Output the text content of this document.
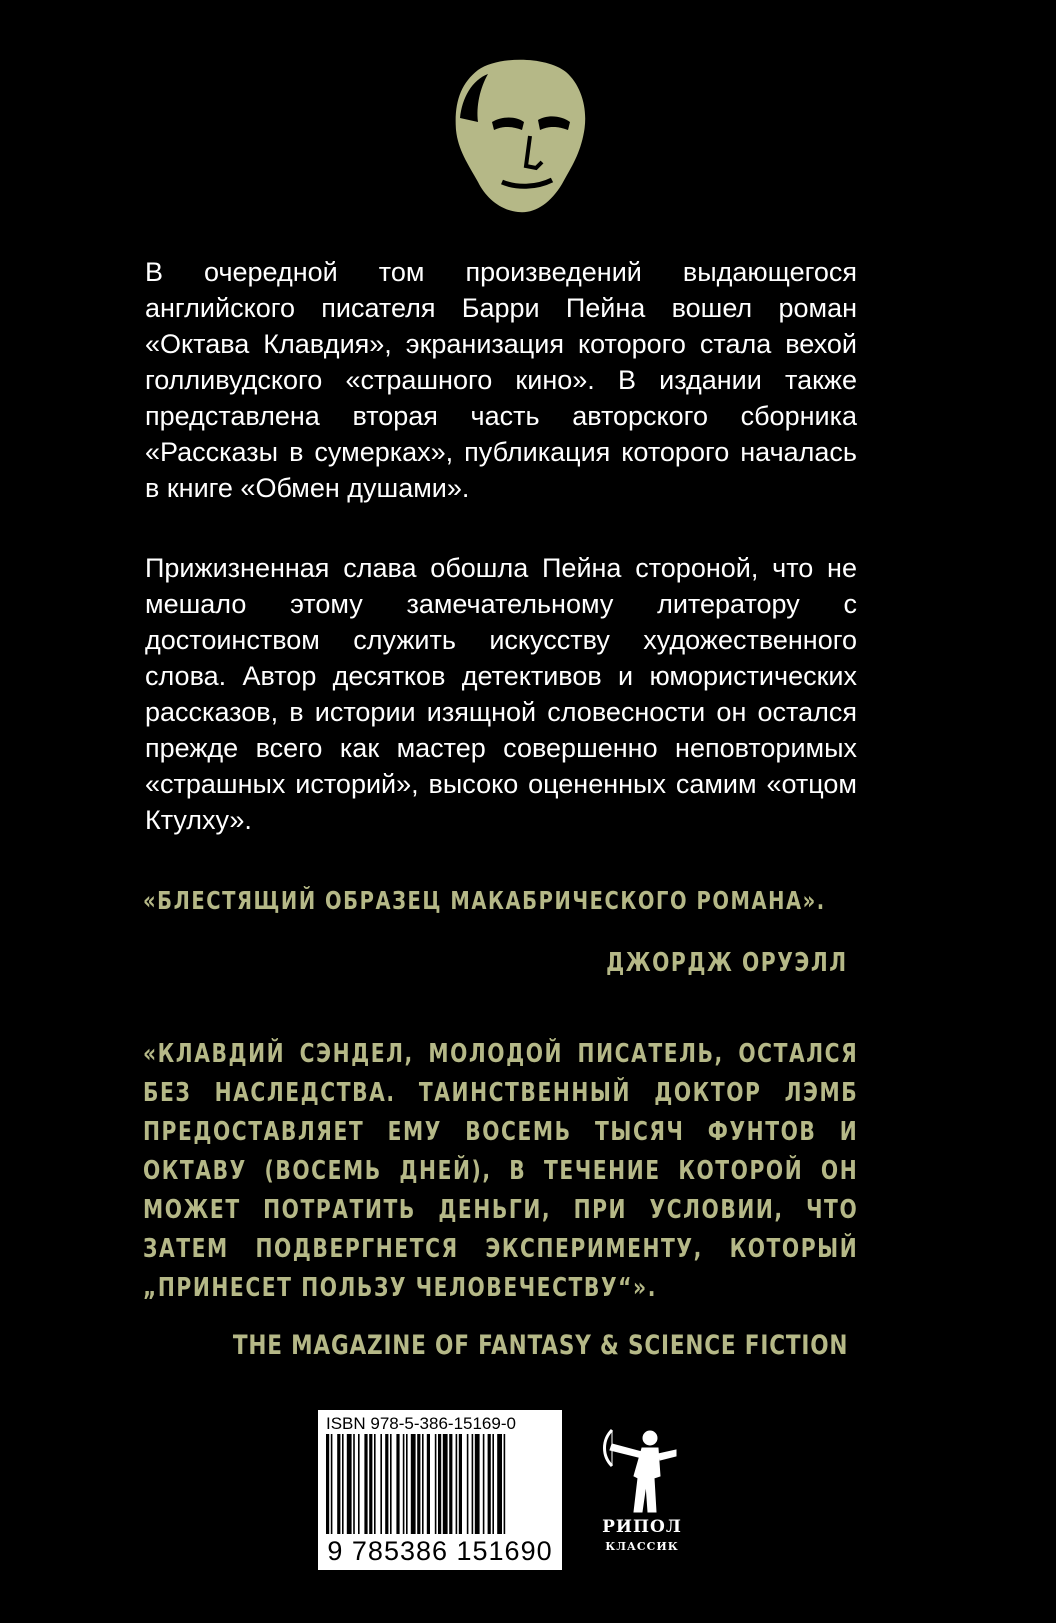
В очередной том произведений выдающегося английского писателя Барри Пейна вошел роман «Октава Клавдия», экранизация которого стала вехой голливудского «страшного кино». В издании также представлена вторая часть авторского сборника «Рассказы в сумерках», публикация которого началась в книге «Обмен душами».
Прижизненная слава обошла Пейна стороной, что не мешало этому замечательному литератору с достоинством служить искусству художественного слова. Автор десятков детективов и юмористических рассказов, в истории изящной словесности он остался прежде всего как мастер совершенно неповторимых «страшных историй», высоко оцененных самим «отцом Ктулху».
«БЛЕСТЯЩИЙ ОБРАЗЕЦ МАКАБРИЧЕСКОГО РОМАНА».
ДЖОРДЖ ОРУЭЛЛ
«КЛАВДИЙ СЭНДЕЛ, МОЛОДОЙ ПИСАТЕЛЬ, ОСТАЛСЯ БЕЗ НАСЛЕДСТВА. ТАИНСТВЕННЫЙ ДОКТОР ЛЭМБ ПРЕДОСТАВЛЯЕТ ЕМУ ВОСЕМЬ ТЫСЯЧ ФУНТОВ И ОКТАВУ (ВОСЕМЬ ДНЕЙ), В ТЕЧЕНИЕ КОТОРОЙ ОН МОЖЕТ ПОТРАТИТЬ ДЕНЬГИ, ПРИ УСЛОВИИ, ЧТО ЗАТЕМ ПОДВЕРГНЕТСЯ ЭКСПЕРИМЕНТУ, КОТОРЫЙ „ПРИНЕСЕТ ПОЛЬЗУ ЧЕЛОВЕЧЕСТВУ“».
THE MAGAZINE OF FANTASY & SCIENCE FICTION
ISBN 978-5-386-15169-0
9 785386 151690
РИПОЛ
КЛАССИК
